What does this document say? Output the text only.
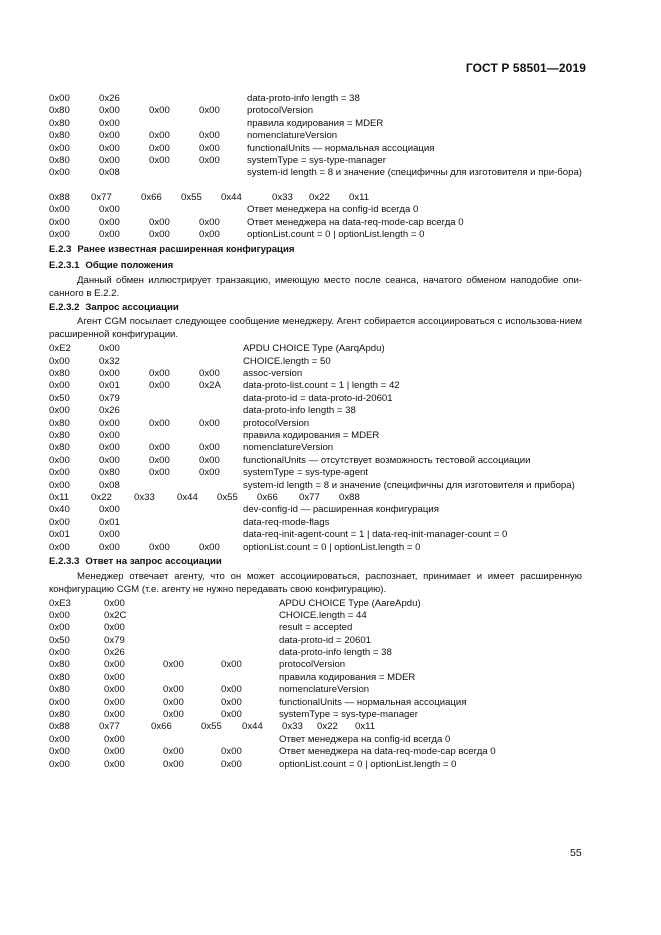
ГОСТ Р 58501—2019
0x00	0x26	data-proto-info length = 38
0x80	0x00	0x00	0x00	protocolVersion
0x80	0x00	правила кодирования = MDER
0x80	0x00	0x00	0x00	nomenclatureVersion
0x00	0x00	0x00	0x00	functionalUnits — нормальная ассоциация
0x80	0x00	0x00	0x00	systemType = sys-type-manager
0x00	0x08	system-id length = 8 и значение (специфичны для изготовителя и при-бора)
0x88 0x77	0x66 0x55 0x44	0x33 0x22 0x11
0x00	0x00	Ответ менеджера на config-id всегда 0
0x00	0x00	0x00	0x00	Ответ менеджера на data-req-mode-cap всегда 0
0x00	0x00	0x00	0x00	optionList.count = 0 | optionList.length = 0
E.2.3 Ранее известная расширенная конфигурация
E.2.3.1 Общие положения
Данный обмен иллюстрирует транзакцию, имеющую место после сеанса, начатого обменом наподобие опи-санного в E.2.2.
E.2.3.2 Запрос ассоциации
Агент CGM посылает следующее сообщение менеджеру. Агент собирается ассоциироваться с использова-нием расширенной конфигурации.
0xE2	0x00	APDU CHOICE Type (AarqApdu)
0x00	0x32	CHOICE.length = 50
0x80	0x00	0x00	0x00 assoc-version
0x00	0x01	0x00	0x2A data-proto-list.count = 1 | length = 42
0x50	0x79	data-proto-id = data-proto-id-20601
0x00	0x26	data-proto-info length = 38
0x80	0x00	0x00	0x00 protocolVersion
0x80	0x00	правила кодирования = MDER
0x80	0x00	0x00	0x00 nomenclatureVersion
0x00	0x00	0x00	0x00 functionalUnits — отсутствует возможность тестовой ассоциации
0x00	0x80	0x00	0x00 systemType = sys-type-agent
0x00	0x08	system-id length = 8 и значение (специфичны для изготовителя и прибора)
0x11 0x22 0x33 0x44 0x55 0x66 0x77 0x88
0x40	0x00	dev-config-id — расширенная конфигурация
0x00	0x01	data-req-mode-flags
0x01	0x00	data-req-init-agent-count = 1 | data-req-init-manager-count = 0
0x00	0x00	0x00	0x00 optionList.count = 0 | optionList.length = 0
E.2.3.3 Ответ на запрос ассоциации
Менеджер отвечает агенту, что он может ассоциироваться, распознает, принимает и имеет расширенную конфигурацию CGM (т.е. агенту не нужно передавать свою конфигурацию).
0xE3	0x00	APDU CHOICE Type (AareApdu)
0x00	0x2C	CHOICE.length = 44
0x00	0x00	result = accepted
0x50	0x79	data-proto-id = 20601
0x00	0x26	data-proto-info length = 38
0x80	0x00	0x00	0x00	protocolVersion
0x80	0x00	правила кодирования = MDER
0x80	0x00	0x00	0x00	nomenclatureVersion
0x00	0x00	0x00	0x00	functionalUnits — нормальная ассоциация
0x80	0x00	0x00	0x00	systemType = sys-type-manager
0x88	0x77	0x66	0x55 0x44 0x33 0x22 0x11
0x00	0x00	Ответ менеджера на config-id всегда 0
0x00	0x00	0x00	0x00	Ответ менеджера на data-req-mode-cap всегда 0
0x00	0x00	0x00	0x00	optionList.count = 0 | optionList.length = 0
55
